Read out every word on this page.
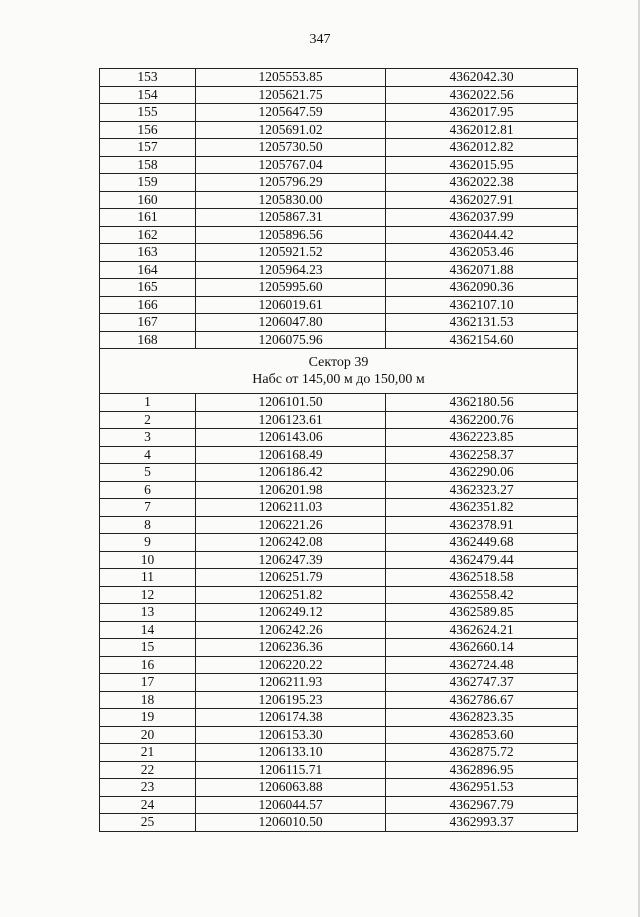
347
153	1205553.85	4362042.30
154	1205621.75	4362022.56
155	1205647.59	4362017.95
156	1205691.02	4362012.81
157	1205730.50	4362012.82
158	1205767.04	4362015.95
159	1205796.29	4362022.38
160	1205830.00	4362027.91
161	1205867.31	4362037.99
162	1205896.56	4362044.42
163	1205921.52	4362053.46
164	1205964.23	4362071.88
165	1205995.60	4362090.36
166	1206019.61	4362107.10
167	1206047.80	4362131.53
168	1206075.96	4362154.60

Сектор 39
Набс от 145,00 м до 150,00 м		

1	1206101.50	4362180.56
2	1206123.61	4362200.76
3	1206143.06	4362223.85
4	1206168.49	4362258.37
5	1206186.42	4362290.06
6	1206201.98	4362323.27
7	1206211.03	4362351.82
8	1206221.26	4362378.91
9	1206242.08	4362449.68
10	1206247.39	4362479.44
11	1206251.79	4362518.58
12	1206251.82	4362558.42
13	1206249.12	4362589.85
14	1206242.26	4362624.21
15	1206236.36	4362660.14
16	1206220.22	4362724.48
17	1206211.93	4362747.37
18	1206195.23	4362786.67
19	1206174.38	4362823.35
20	1206153.30	4362853.60
21	1206133.10	4362875.72
22	1206115.71	4362896.95
23	1206063.88	4362951.53
24	1206044.57	4362967.79
25	1206010.50	4362993.37
